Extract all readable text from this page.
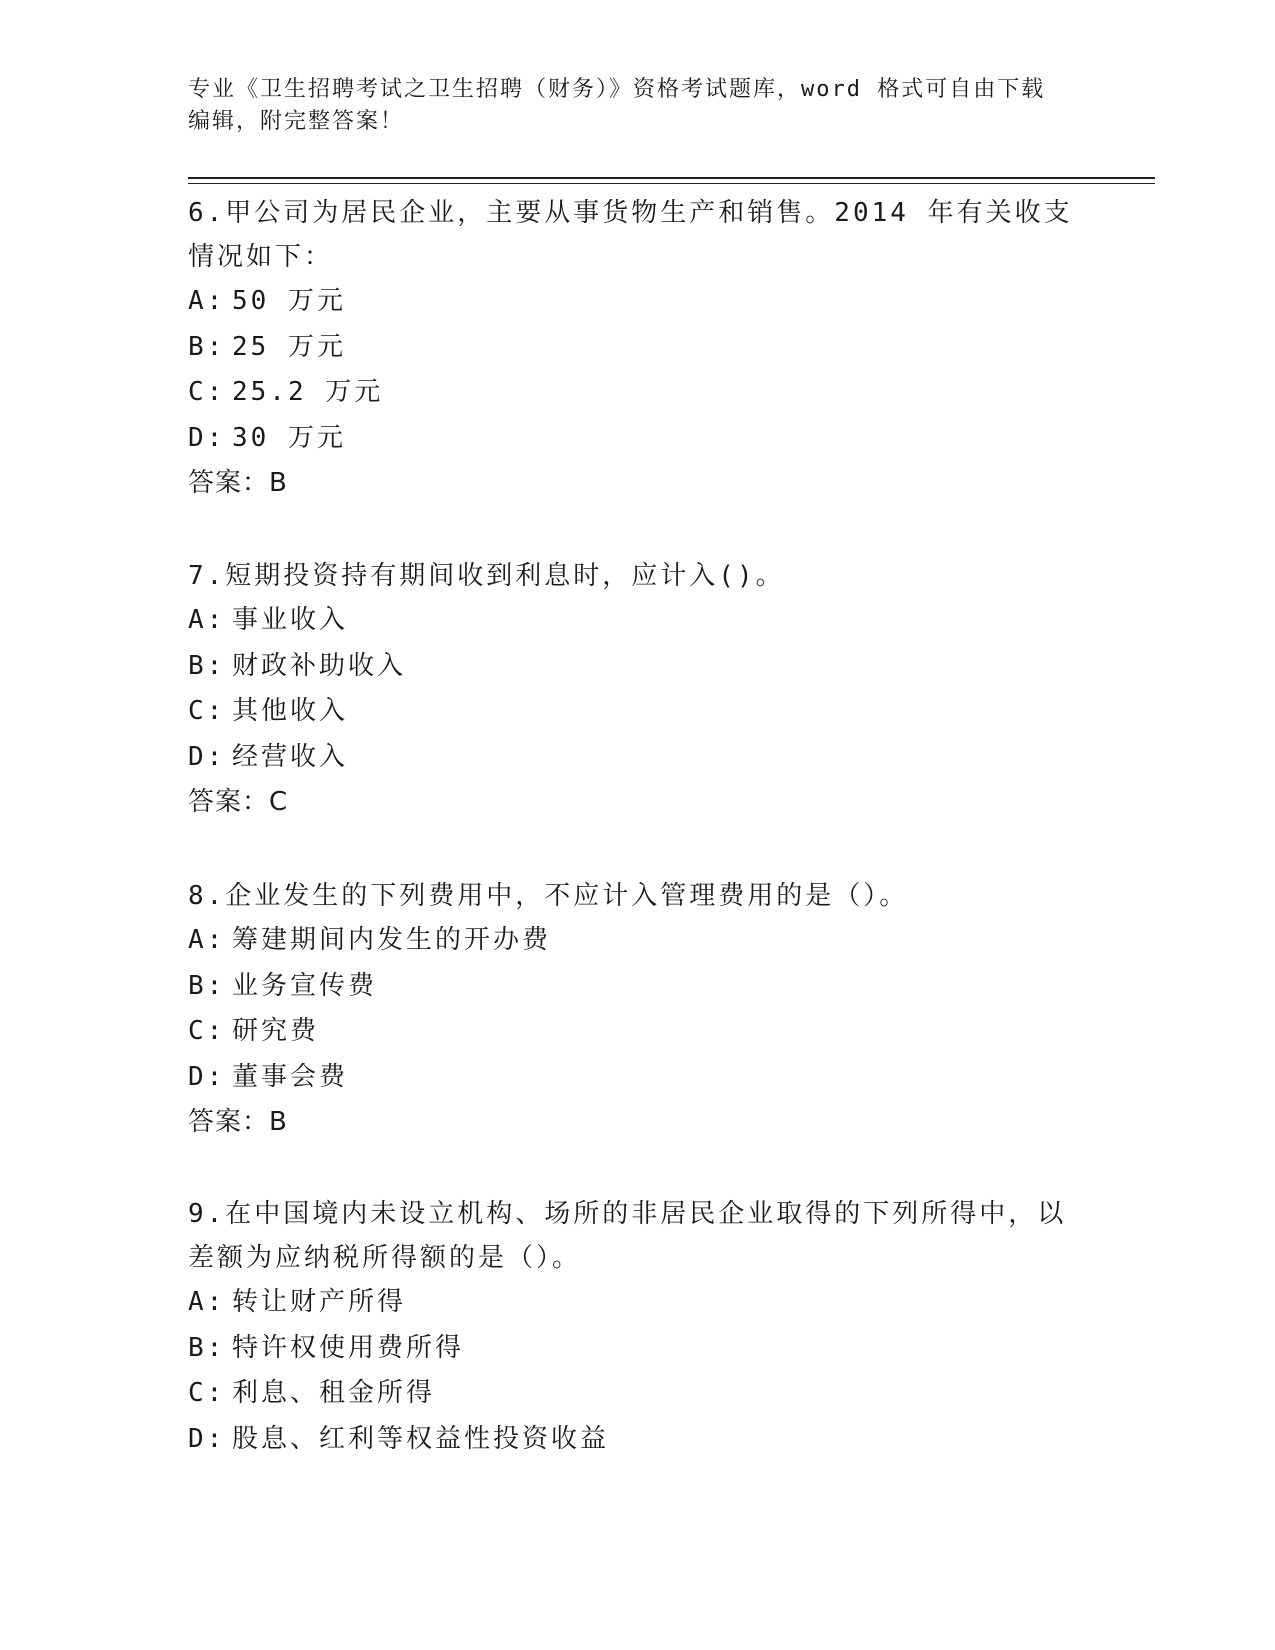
专业《卫生招聘考试之卫生招聘（财务）》资格考试题库，word 格式可自由下载
编辑，附完整答案！

6.甲公司为居民企业，主要从事货物生产和销售。2014 年有关收支情况如下：

A: 50 万元

B: 25 万元

C: 25.2 万元

D: 30 万元

答案：B

7.短期投资持有期间收到利息时，应计入()。

A: 事业收入

B: 财政补助收入

C: 其他收入

D: 经营收入

答案：C

8.企业发生的下列费用中，不应计入管理费用的是（）。

A: 筹建期间内发生的开办费

B: 业务宣传费

C: 研究费

D: 董事会费

答案：B

9.在中国境内未设立机构、场所的非居民企业取得的下列所得中，以差额为应纳税所得额的是（）。

A: 转让财产所得

B: 特许权使用费所得

C: 利息、租金所得

D: 股息、红利等权益性投资收益
